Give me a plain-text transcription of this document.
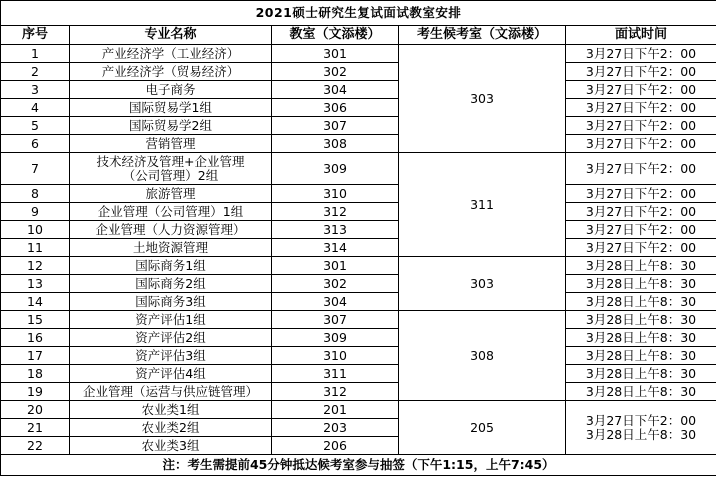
2021硕士研究生复试面试教室安排				
序号	专业名称	教室（文添楼）	考生候考室（文添楼）	面试时间
1	产业经济学（工业经济）	301	303	3月27日下午2：00
2	产业经济学（贸易经济）	302		3月27日下午2：00
3	电子商务	304		3月27日下午2：00
4	国际贸易学1组	306		3月27日下午2：00
5	国际贸易学2组	307		3月27日下午2：00
6	营销管理	308		3月27日下午2：00
7	技术经济及管理+企业管理
（公司管理）2组	309	311	3月27日下午2：00
8	旅游管理	310		3月27日下午2：00
9	企业管理（公司管理）1组	312		3月27日下午2：00
10	企业管理（人力资源管理）	313		3月27日下午2：00
11	土地资源管理	314		3月27日下午2：00
12	国际商务1组	301	303	3月28日上午8：30
13	国际商务2组	302		3月28日上午8：30
14	国际商务3组	304		3月28日上午8：30
15	资产评估1组	307	308	3月28日上午8：30
16	资产评估2组	309		3月28日上午8：30
17	资产评估3组	310		3月28日上午8：30
18	资产评估4组	311		3月28日上午8：30
19	企业管理（运营与供应链管理）	312		3月28日上午8：30
20	农业类1组	201	205	3月27日下午2：00
3月28日上午8：30

21	农业类2组	203		
22	农业类3组	206		
注：考生需提前45分钟抵达候考室参与抽签（下午1:15，上午7:45）				
